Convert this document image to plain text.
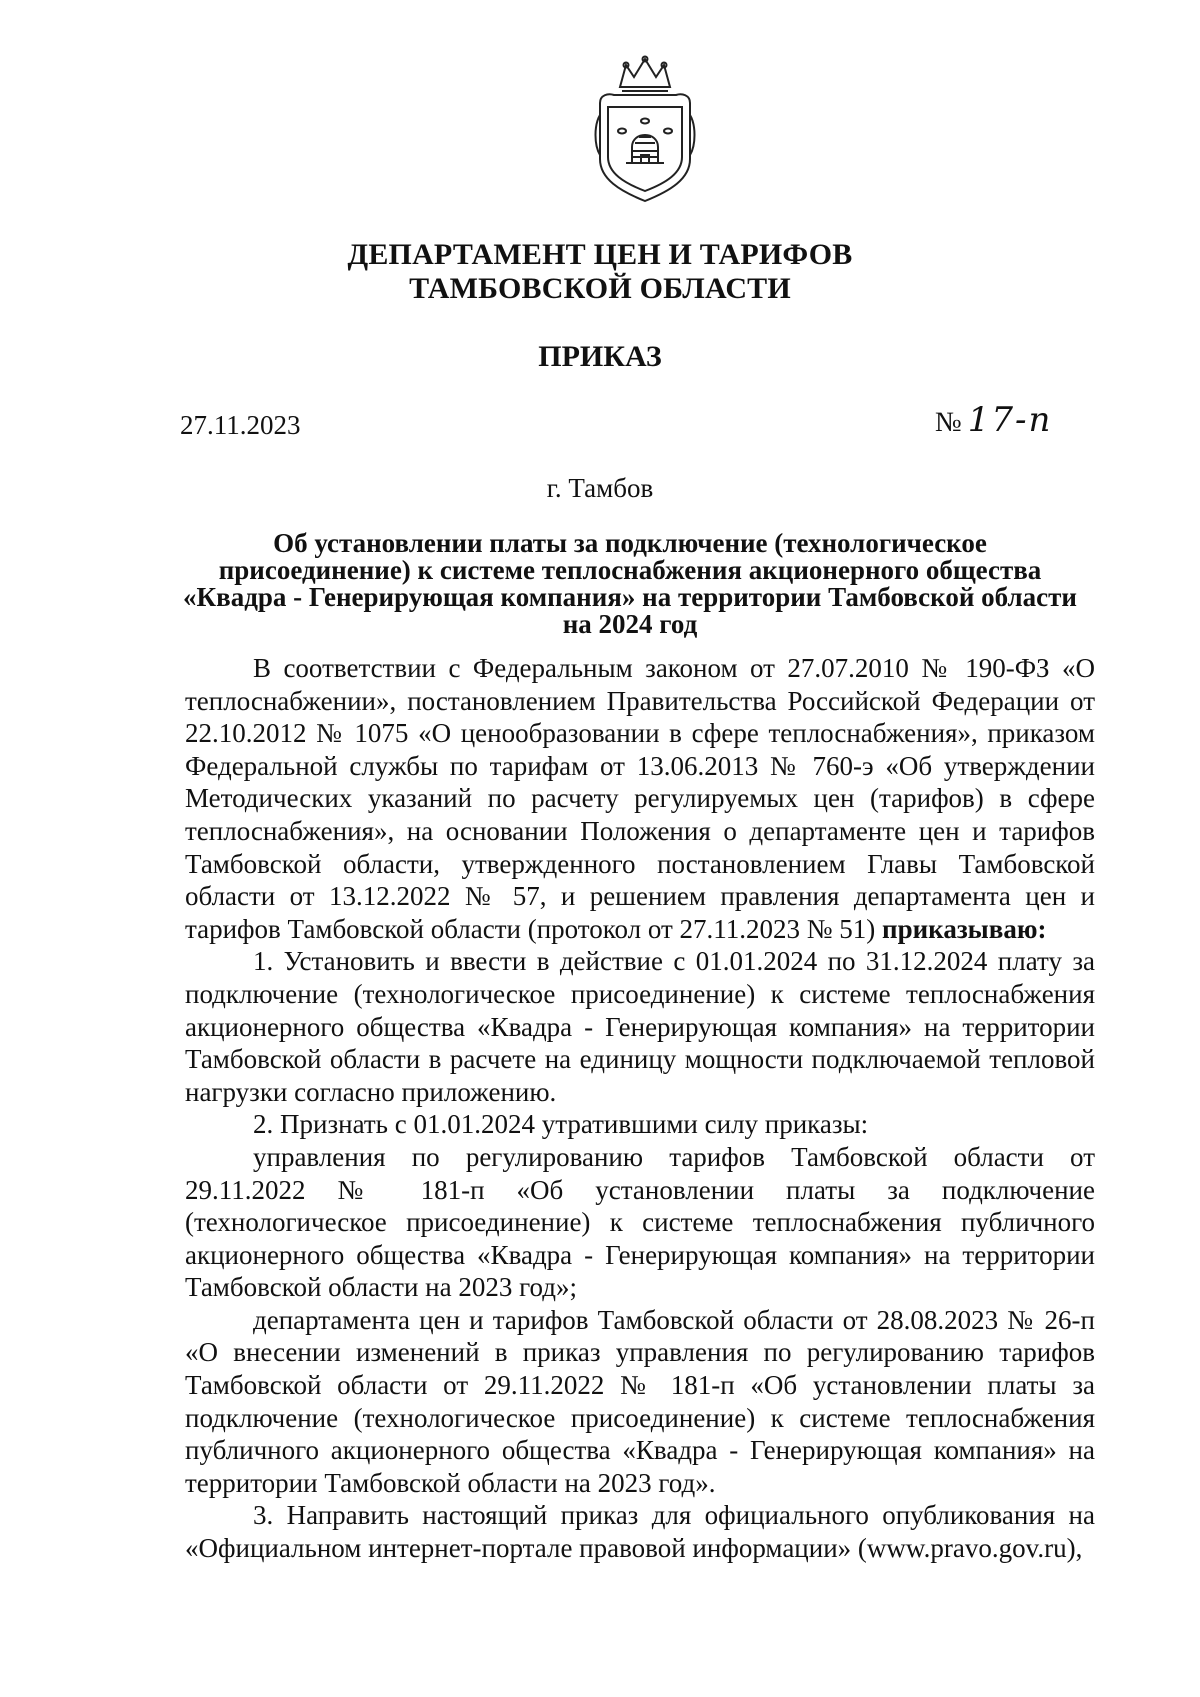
ДЕПАРТАМЕНТ ЦЕН И ТАРИФОВ
ТАМБОВСКОЙ ОБЛАСТИ
ПРИКАЗ
27.11.2023	№ 17-п
г. Тамбов
Об установлении платы за подключение (технологическое
присоединение) к системе теплоснабжения акционерного общества
«Квадра - Генерирующая компания» на территории Тамбовской области
на 2024 год

В соответствии с Федеральным законом от 27.07.2010 № 190-ФЗ «О теплоснабжении», постановлением Правительства Российской Федерации от 22.10.2012 № 1075 «О ценообразовании в сфере теплоснабжения», приказом Федеральной службы по тарифам от 13.06.2013 № 760-э «Об утверждении Методических указаний по расчету регулируемых цен (тарифов) в сфере теплоснабжения», на основании Положения о департаменте цен и тарифов Тамбовской области, утвержденного постановлением Главы Тамбовской области от 13.12.2022 № 57, и решением правления департамента цен и тарифов Тамбовской области (протокол от 27.11.2023 № 51) приказываю:

1. Установить и ввести в действие с 01.01.2024 по 31.12.2024 плату за подключение (технологическое присоединение) к системе теплоснабжения акционерного общества «Квадра - Генерирующая компания» на территории Тамбовской области в расчете на единицу мощности подключаемой тепловой нагрузки согласно приложению.

2. Признать с 01.01.2024 утратившими силу приказы:

управления по регулированию тарифов Тамбовской области от 29.11.2022 № 181-п «Об установлении платы за подключение (технологическое присоединение) к системе теплоснабжения публичного акционерного общества «Квадра - Генерирующая компания» на территории Тамбовской области на 2023 год»;

департамента цен и тарифов Тамбовской области от 28.08.2023 № 26-п «О внесении изменений в приказ управления по регулированию тарифов Тамбовской области от 29.11.2022 № 181-п «Об установлении платы за подключение (технологическое присоединение) к системе теплоснабжения публичного акционерного общества «Квадра - Генерирующая компания» на территории Тамбовской области на 2023 год».

3. Направить настоящий приказ для официального опубликования на «Официальном интернет-портале правовой информации» (www.pravo.gov.ru),
